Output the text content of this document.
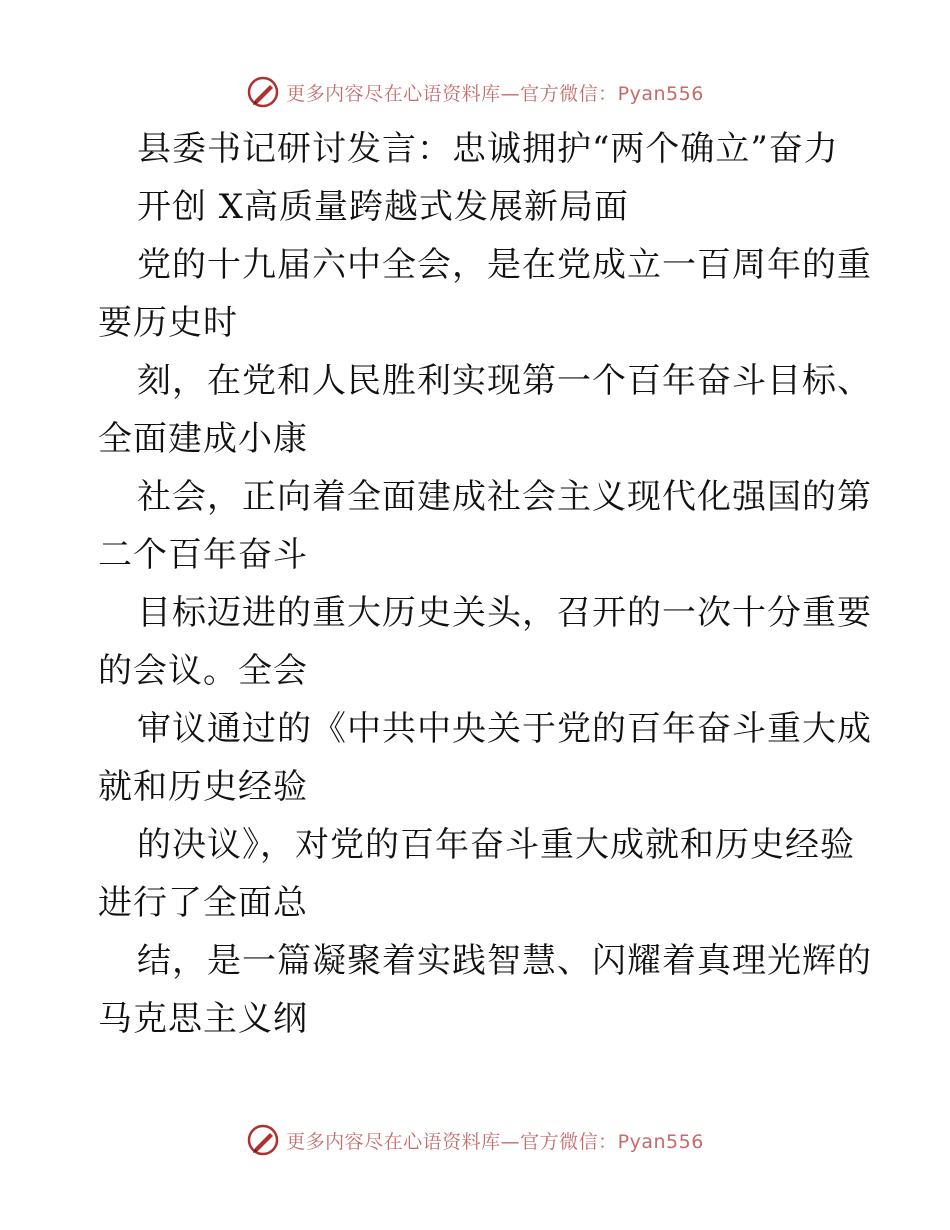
更多内容尽在心语资料库—官方微信：Pyan556
县委书记研讨发言：忠诚拥护“两个确立”奋力
开创 X高质量跨越式发展新局面
党的十九届六中全会，是在党成立一百周年的重
要历史时
刻，在党和人民胜利实现第一个百年奋斗目标、
全面建成小康
社会，正向着全面建成社会主义现代化强国的第
二个百年奋斗
目标迈进的重大历史关头，召开的一次十分重要
的会议。全会
审议通过的《中共中央关于党的百年奋斗重大成
就和历史经验
的决议》，对党的百年奋斗重大成就和历史经验
进行了全面总
结，是一篇凝聚着实践智慧、闪耀着真理光辉的
马克思主义纲
更多内容尽在心语资料库—官方微信：Pyan556
